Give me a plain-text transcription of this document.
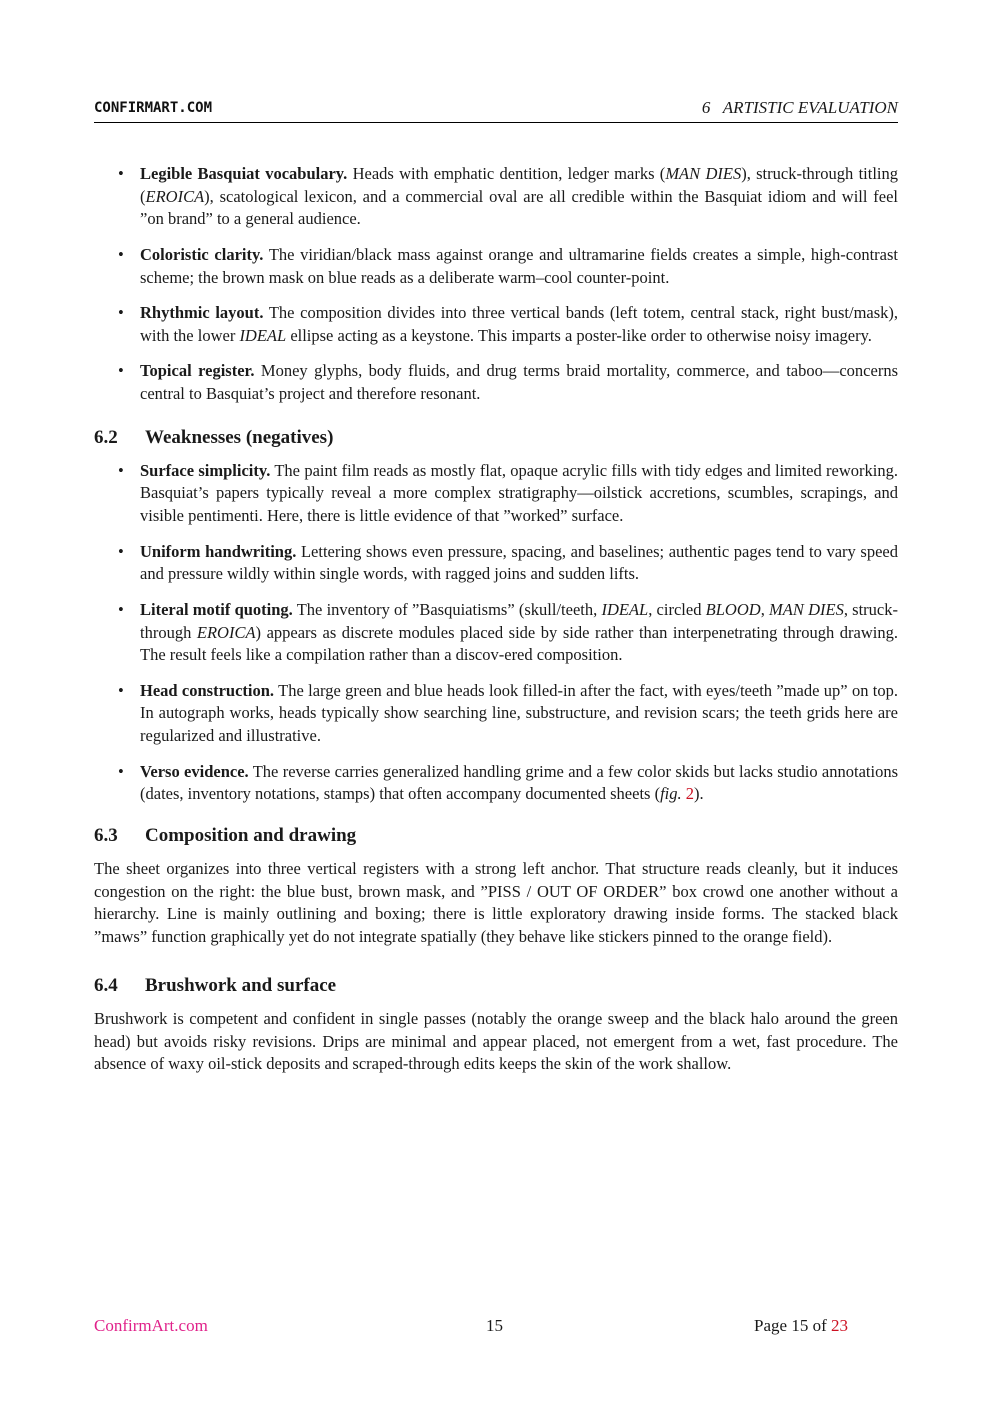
CONFIRMART.COM	6   ARTISTIC EVALUATION
• Legible Basquiat vocabulary. Heads with emphatic dentition, ledger marks (MAN DIES), struck-through titling (EROICA), scatological lexicon, and a commercial oval are all credible within the Basquiat idiom and will feel ”on brand” to a general audience.
• Coloristic clarity. The viridian/black mass against orange and ultramarine fields creates a simple, high-contrast scheme; the brown mask on blue reads as a deliberate warm–cool counter-point.
• Rhythmic layout. The composition divides into three vertical bands (left totem, central stack, right bust/mask), with the lower IDEAL ellipse acting as a keystone. This imparts a poster-like order to otherwise noisy imagery.
• Topical register. Money glyphs, body fluids, and drug terms braid mortality, commerce, and taboo—concerns central to Basquiat’s project and therefore resonant.
6.2 Weaknesses (negatives)
• Surface simplicity. The paint film reads as mostly flat, opaque acrylic fills with tidy edges and limited reworking. Basquiat’s papers typically reveal a more complex stratigraphy—oilstick accretions, scumbles, scrapings, and visible pentimenti. Here, there is little evidence of that ”worked” surface.
• Uniform handwriting. Lettering shows even pressure, spacing, and baselines; authentic pages tend to vary speed and pressure wildly within single words, with ragged joins and sudden lifts.
• Literal motif quoting. The inventory of ”Basquiatisms” (skull/teeth, IDEAL, circled BLOOD, MAN DIES, struck-through EROICA) appears as discrete modules placed side by side rather than interpenetrating through drawing. The result feels like a compilation rather than a discov-ered composition.
• Head construction. The large green and blue heads look filled-in after the fact, with eyes/teeth ”made up” on top. In autograph works, heads typically show searching line, substructure, and revision scars; the teeth grids here are regularized and illustrative.
• Verso evidence. The reverse carries generalized handling grime and a few color skids but lacks studio annotations (dates, inventory notations, stamps) that often accompany documented sheets (fig. 2).
6.3 Composition and drawing

The sheet organizes into three vertical registers with a strong left anchor. That structure reads cleanly, but it induces congestion on the right: the blue bust, brown mask, and ”PISS / OUT OF ORDER” box crowd one another without a hierarchy. Line is mainly outlining and boxing; there is little exploratory drawing inside forms. The stacked black ”maws” function graphically yet do not integrate spatially (they behave like stickers pinned to the orange field).

6.4 Brushwork and surface

Brushwork is competent and confident in single passes (notably the orange sweep and the black halo around the green head) but avoids risky revisions. Drips are minimal and appear placed, not emergent from a wet, fast procedure. The absence of waxy oil-stick deposits and scraped-through edits keeps the skin of the work shallow.

ConfirmArt.com	15	Page 15 of 23
